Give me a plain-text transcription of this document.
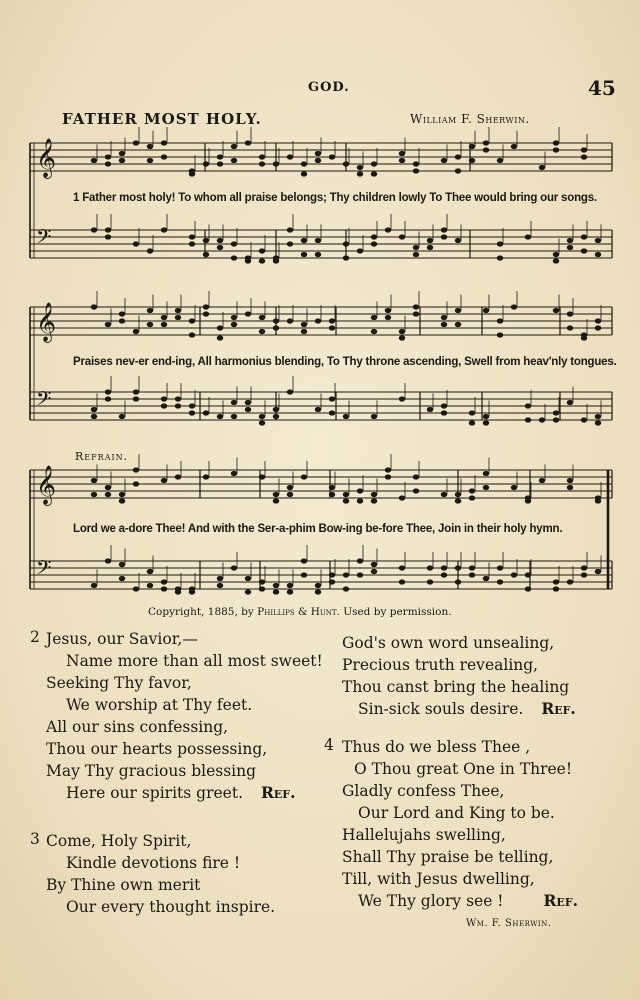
GOD.	45
FATHER MOST HOLY.	William F. Sherwin.
𝄞
𝄢
𝄞
𝄢
𝄞
𝄢
1 Father most holy! To whom all praise belongs; Thy children lowly To Thee would bring our songs.
Praises nev-er end-ing, All harmonius blending, To Thy throne ascending, Swell from heav'nly tongues.
Refrain.
Lord we a-dore Thee! And with the Ser-a-phim Bow-ing be-fore Thee, Join in their holy hymn.
Copyright, 1885, by Phillips & Hunt. Used by permission.
2 Jesus, our Savior,—
Name more than all most sweet!
Seeking Thy favor,
We worship at Thy feet.
All our sins confessing,
Thou our hearts possessing,
May Thy gracious blessing
Here our spirits greet. Ref.
3 Come, Holy Spirit,
Kindle devotions fire !
By Thine own merit
Our every thought inspire.
God's own word unsealing,
Precious truth revealing,
Thou canst bring the healing
Sin-sick souls desire. Ref.
4 Thus do we bless Thee ,
O Thou great One in Three!
Gladly confess Thee,
Our Lord and King to be.
Hallelujahs swelling,
Shall Thy praise be telling,
Till, with Jesus dwelling,
We Thy glory see !	Ref.
Wm. F. Sherwin.
